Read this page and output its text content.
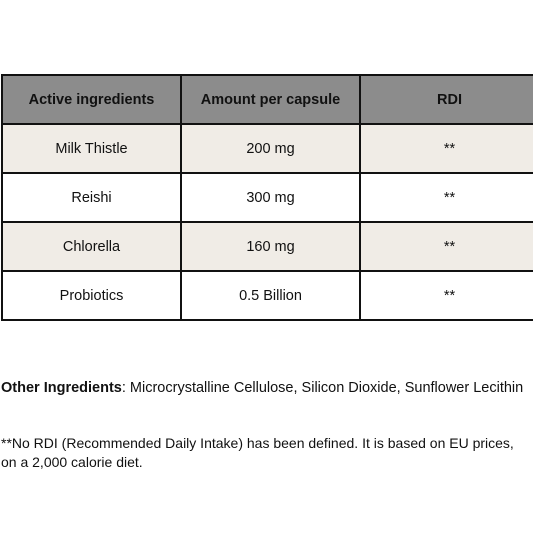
Active ingredients	Amount per capsule	RDI
Milk Thistle	200 mg	**
Reishi	300 mg	**
Chlorella	160 mg	**
Probiotics	0.5 Billion	**
Other Ingredients: Microcrystalline Cellulose, Silicon Dioxide, Sunflower Lecithin
**No RDI (Recommended Daily Intake) has been defined. It is based on EU prices, on a 2,000 calorie diet.
